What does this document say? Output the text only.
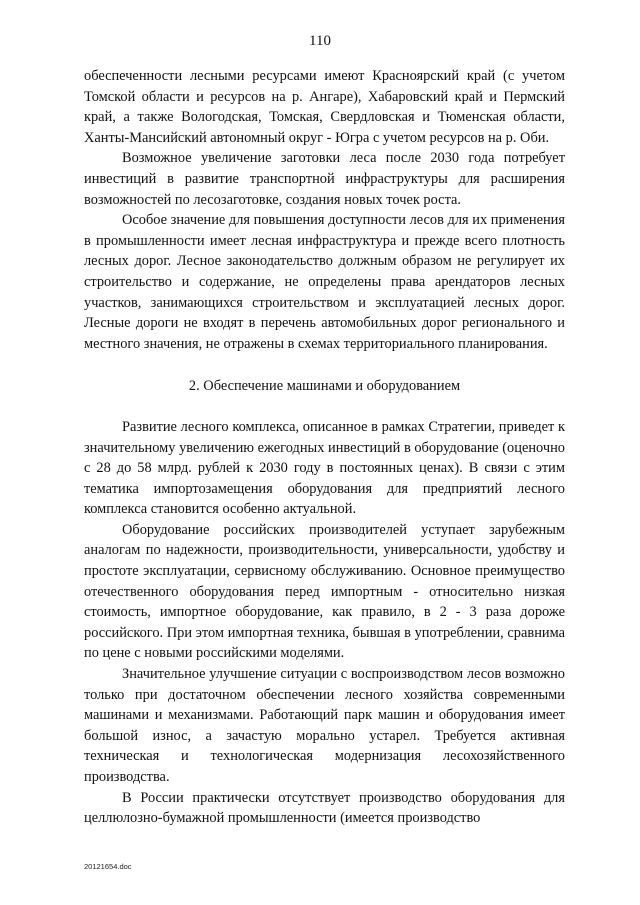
110

обеспеченности лесными ресурсами имеют Красноярский край (с учетом Томской области и ресурсов на р. Ангаре), Хабаровский край и Пермский край, а также Вологодская, Томская, Свердловская и Тюменская области, Ханты-Мансийский автономный округ - Югра с учетом ресурсов на р. Оби.

Возможное увеличение заготовки леса после 2030 года потребует инвестиций в развитие транспортной инфраструктуры для расширения возможностей по лесозаготовке, создания новых точек роста.

Особое значение для повышения доступности лесов для их применения в промышленности имеет лесная инфраструктура и прежде всего плотность лесных дорог. Лесное законодательство должным образом не регулирует их строительство и содержание, не определены права арендаторов лесных участков, занимающихся строительством и эксплуатацией лесных дорог. Лесные дороги не входят в перечень автомобильных дорог регионального и местного значения, не отражены в схемах территориального планирования.

2. Обеспечение машинами и оборудованием

Развитие лесного комплекса, описанное в рамках Стратегии, приведет к значительному увеличению ежегодных инвестиций в оборудование (оценочно с 28 до 58 млрд. рублей к 2030 году в постоянных ценах). В связи с этим тематика импортозамещения оборудования для предприятий лесного комплекса становится особенно актуальной.

Оборудование российских производителей уступает зарубежным аналогам по надежности, производительности, универсальности, удобству и простоте эксплуатации, сервисному обслуживанию. Основное преимущество отечественного оборудования перед импортным - относительно низкая стоимость, импортное оборудование, как правило, в 2 - 3 раза дороже российского. При этом импортная техника, бывшая в употреблении, сравнима по цене с новыми российскими моделями.

Значительное улучшение ситуации с воспроизводством лесов возможно только при достаточном обеспечении лесного хозяйства современными машинами и механизмами. Работающий парк машин и оборудования имеет большой износ, а зачастую морально устарел. Требуется активная техническая и технологическая модернизация лесохозяйственного производства.

В России практически отсутствует производство оборудования для целлюлозно-бумажной промышленности (имеется производство

20121654.doc
